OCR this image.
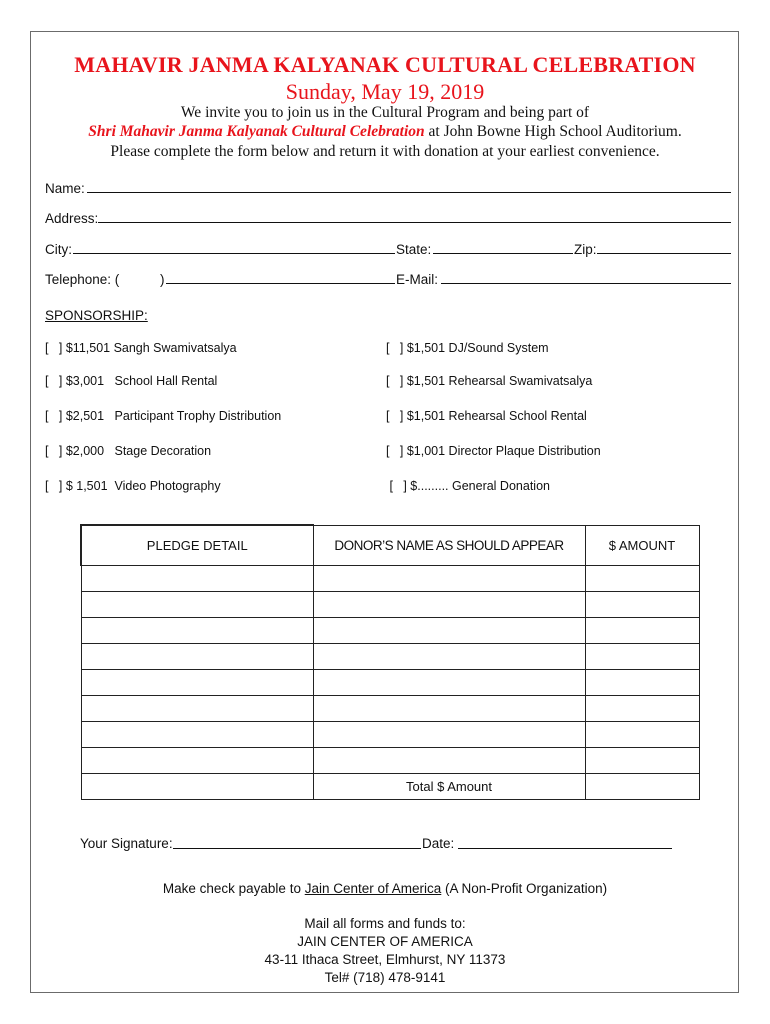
MAHAVIR JANMA KALYANAK CULTURAL CELEBRATION
Sunday, May 19, 2019
We invite you to join us in the Cultural Program and being part of
Shri Mahavir Janma Kalyanak Cultural Celebration at John Bowne High School Auditorium.
Please complete the form below and return it with donation at your earliest convenience.
Name:
Address:
City:	State:	Zip:
Telephone: (	)	E-Mail:
SPONSORSHIP:
[   ] $11,501 Sangh Swamivatsalya
[   ] $3,001   School Hall Rental
[   ] $2,501   Participant Trophy Distribution
[   ] $2,000   Stage Decoration
[   ] $ 1,501  Video Photography
[   ] $1,501 DJ/Sound System
[   ] $1,501 Rehearsal Swamivatsalya
[   ] $1,501 Rehearsal School Rental
[   ] $1,001 Director Plaque Distribution
[   ] $......... General Donation
PLEDGE DETAIL	DONOR’S NAME AS SHOULD APPEAR	$ AMOUNT

	Total $ Amount	
Your Signature:	Date:
Make check payable to Jain Center of America (A Non-Profit Organization)
Mail all forms and funds to:
JAIN CENTER OF AMERICA
43-11 Ithaca Street, Elmhurst, NY 11373
Tel# (718) 478-9141
